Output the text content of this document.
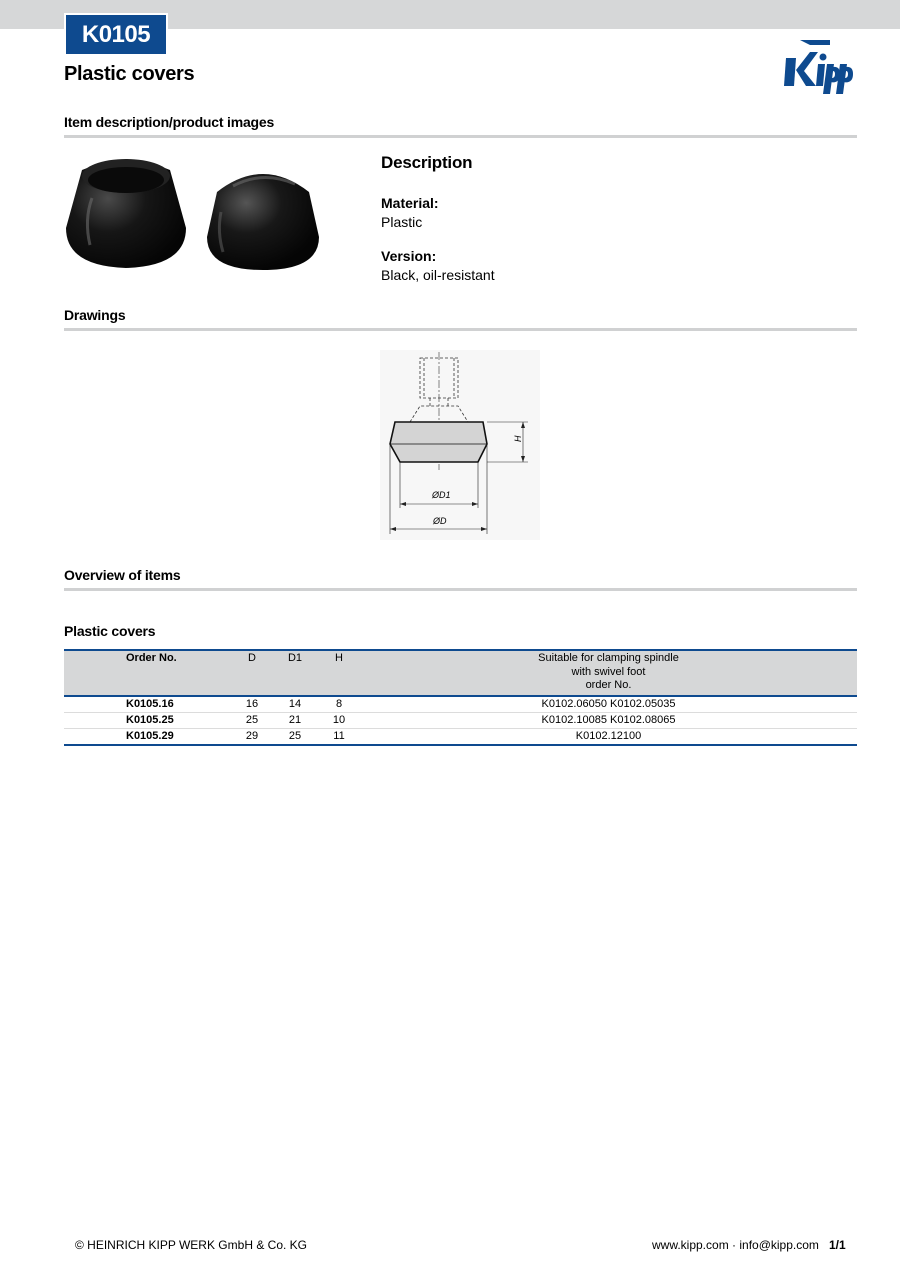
K0105
Plastic covers
Item description/product images
Description
Material:
Plastic
Version:
Black, oil-resistant
Drawings
H
ØD1
ØD
Overview of items
Plastic covers
Order No.	D	D1	H	Suitable for clamping spindle
with swivel foot
order No.

K0105.16	16	14	8	K0102.06050 K0102.05035
K0105.25	25	21	10	K0102.10085 K0102.08065
K0105.29	29	25	11	K0102.12100
© HEINRICH KIPP WERK GmbH & Co. KG	www.kipp.com · info@kipp.com 1/1
